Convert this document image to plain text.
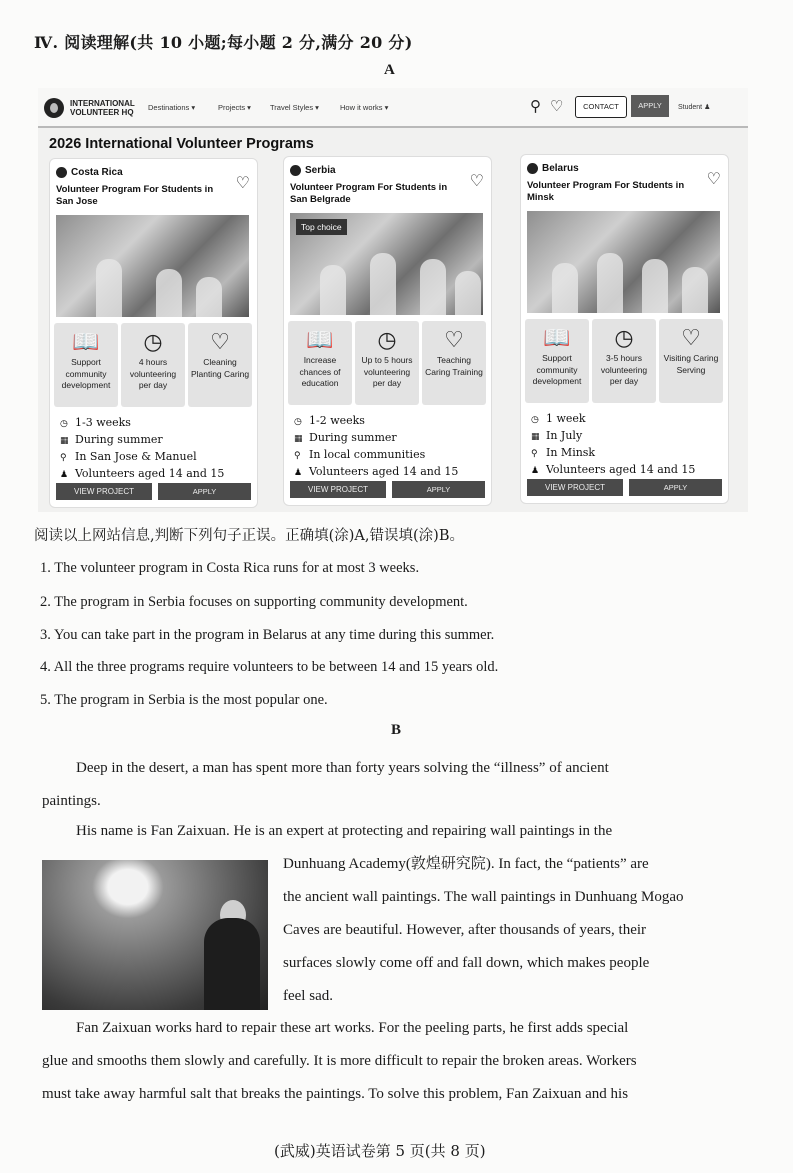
Ⅳ. 阅读理解(共 10 小题;每小题 2 分,满分 20 分)
A
INTERNATIONAL
VOLUNTEER HQ
Destinations ▾	Projects ▾	Travel Styles ▾	How it works ▾	⚲ ♡	CONTACT	APPLY	Student ♟
2026 International Volunteer Programs
Costa Rica
♡
Volunteer Program For Students in San Jose
📖
Support community development
◷
4 hours volunteering per day
♡
Cleaning Planting Caring
◷ 1-3 weeks
▦ During summer
⚲ In San Jose & Manuel
♟ Volunteers aged 14 and 15
VIEW PROJECT	APPLY
Serbia
♡
Volunteer Program For Students in San Belgrade
Top choice
📖
Increase chances of education
◷
Up to 5 hours volunteering per day
♡
Teaching Caring Training
◷ 1-2 weeks
▦ During summer
⚲ In local communities
♟ Volunteers aged 14 and 15
VIEW PROJECT	APPLY
Belarus
♡
Volunteer Program For Students in Minsk
📖
Support community development
◷
3-5 hours volunteering per day
♡
Visiting Caring Serving
◷ 1 week
▦ In July
⚲ In Minsk
♟ Volunteers aged 14 and 15
VIEW PROJECT	APPLY
阅读以上网站信息,判断下列句子正误。正确填(涂)A,错误填(涂)B。
1. The volunteer program in Costa Rica runs for at most 3 weeks.
2. The program in Serbia focuses on supporting community development.
3. You can take part in the program in Belarus at any time during this summer.
4. All the three programs require volunteers to be between 14 and 15 years old.
5. The program in Serbia is the most popular one.
B
Deep in the desert, a man has spent more than forty years solving the “illness” of ancient
paintings.
His name is Fan Zaixuan. He is an expert at protecting and repairing wall paintings in the
Dunhuang Academy(敦煌研究院). In fact, the “patients” are
the ancient wall paintings. The wall paintings in Dunhuang Mogao
Caves are beautiful. However, after thousands of years, their
surfaces slowly come off and fall down, which makes people
feel sad.
Fan Zaixuan works hard to repair these art works. For the peeling parts, he first adds special
glue and smooths them slowly and carefully. It is more difficult to repair the broken areas. Workers
must take away harmful salt that breaks the paintings. To solve this problem, Fan Zaixuan and his
(武威)英语试卷第 5 页(共 8 页)
